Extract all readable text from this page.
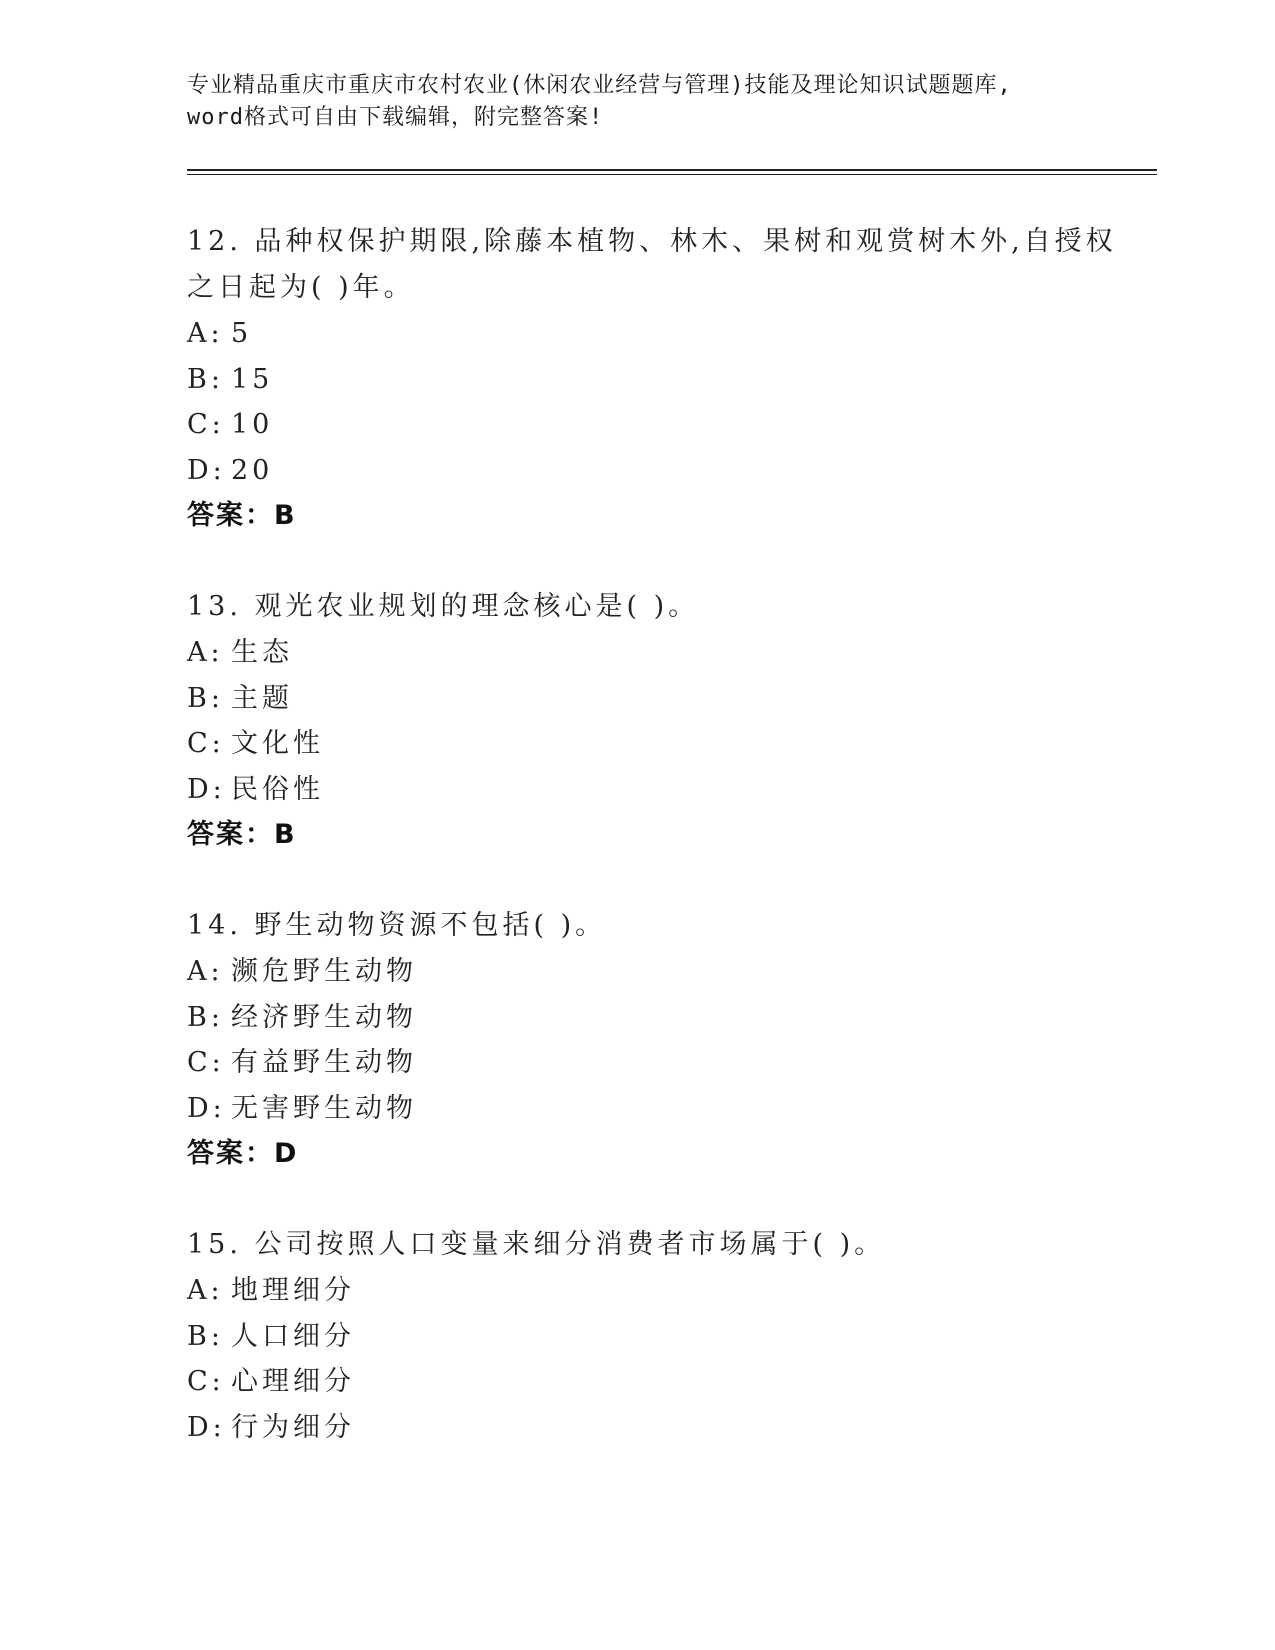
专业精品重庆市重庆市农村农业(休闲农业经营与管理)技能及理论知识试题题库,
word格式可自由下载编辑，附完整答案!
12. 品种权保护期限,除藤本植物、林木、果树和观赏树木外,自授权
之日起为( )年。
A: 5
B: 15
C: 10
D: 20
答案：B
13. 观光农业规划的理念核心是( )。
A: 生态
B: 主题
C: 文化性
D: 民俗性
答案：B
14. 野生动物资源不包括( )。
A: 濒危野生动物
B: 经济野生动物
C: 有益野生动物
D: 无害野生动物
答案：D
15. 公司按照人口变量来细分消费者市场属于( )。
A: 地理细分
B: 人口细分
C: 心理细分
D: 行为细分
